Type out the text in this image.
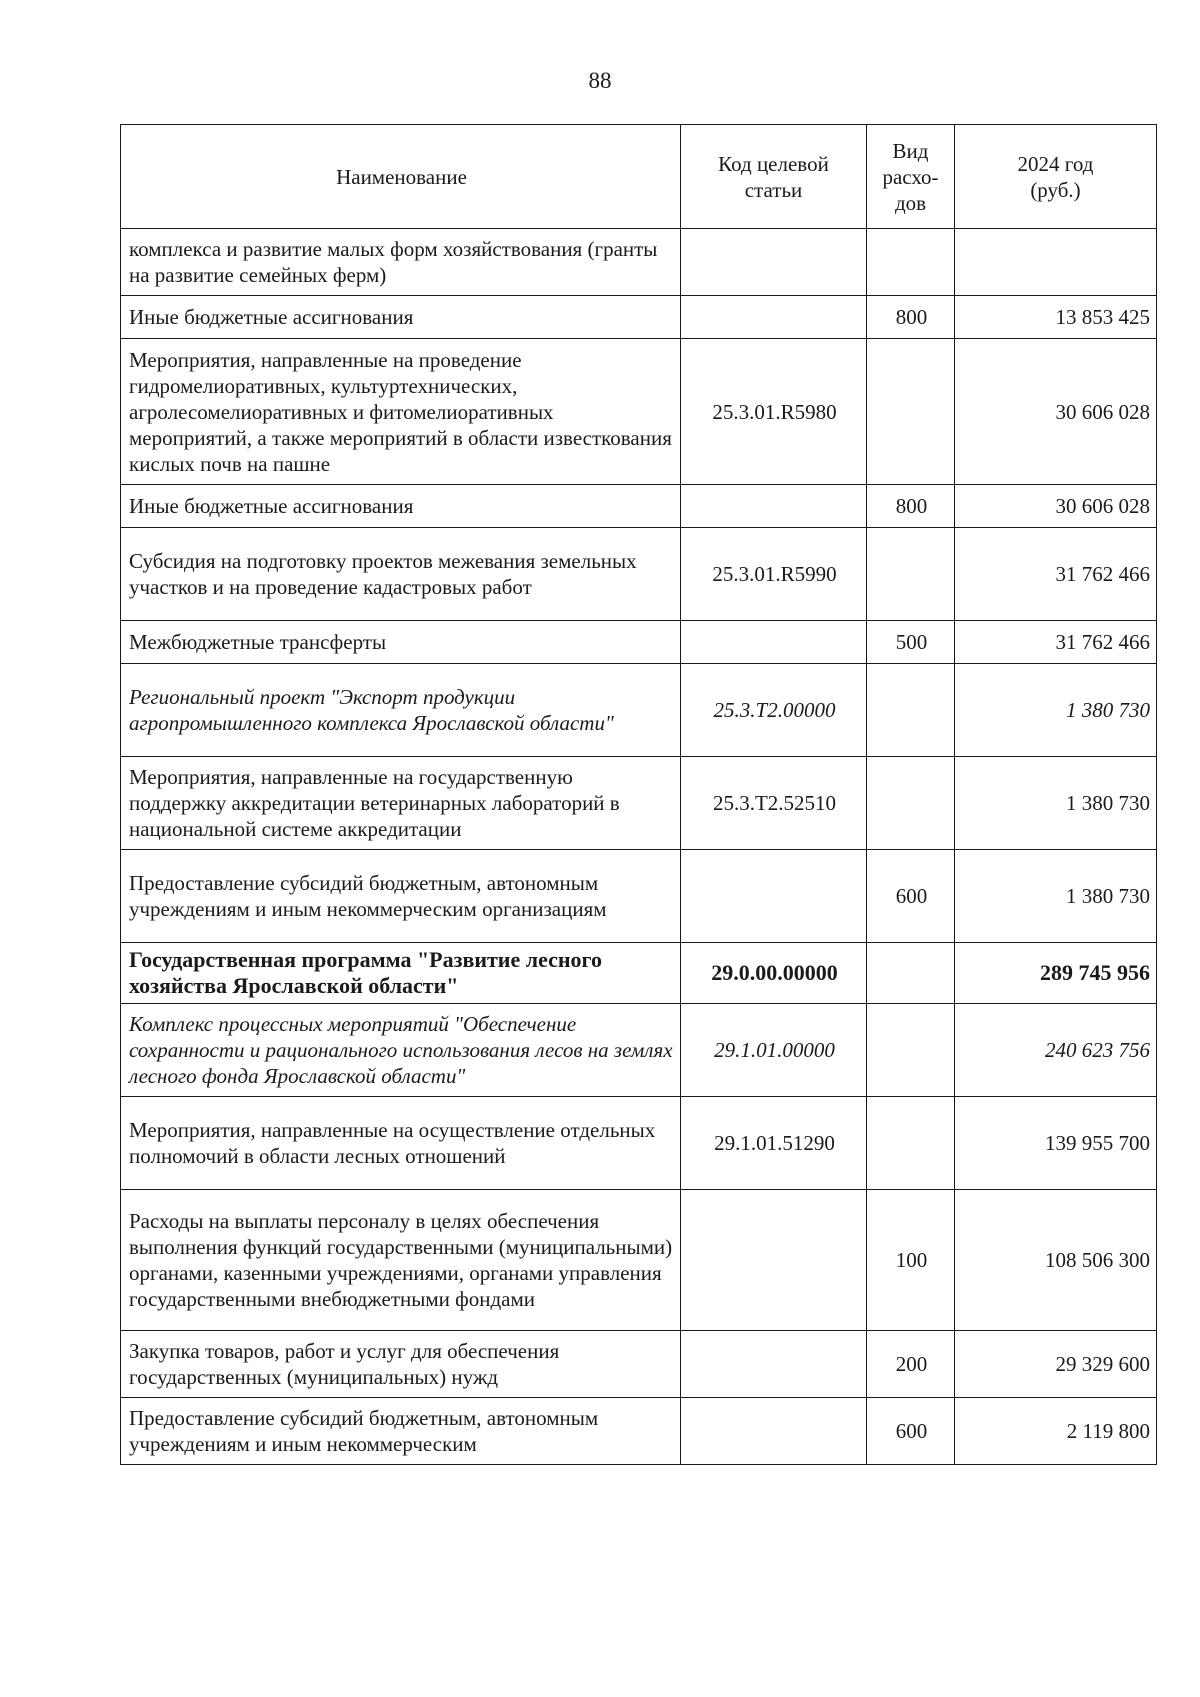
88
Наименование	Код целевой статьи	Вид расхо-дов	2024 год (руб.)
комплекса и развитие малых форм хозяйствования (гранты на развитие семейных ферм)			
Иные бюджетные ассигнования		800	13 853 425
Мероприятия, направленные на проведение гидромелиоративных, культуртехнических, агролесомелиоративных и фитомелиоративных мероприятий, а также мероприятий в области известкования кислых почв на пашне	25.3.01.R5980		30 606 028
Иные бюджетные ассигнования		800	30 606 028
Субсидия на подготовку проектов межевания земельных участков и на проведение кадастровых работ	25.3.01.R5990		31 762 466
Межбюджетные трансферты		500	31 762 466
Региональный проект "Экспорт продукции агропромышленного комплекса Ярославской области"	25.3.T2.00000		1 380 730
Мероприятия, направленные на государственную поддержку аккредитации ветеринарных лабораторий в национальной системе аккредитации	25.3.T2.52510		1 380 730
Предоставление субсидий бюджетным, автономным учреждениям и иным некоммерческим организациям		600	1 380 730
Государственная программа "Развитие лесного хозяйства Ярославской области"	29.0.00.00000		289 745 956
Комплекс процессных мероприятий "Обеспечение сохранности и рационального использования лесов на землях лесного фонда Ярославской области"	29.1.01.00000		240 623 756
Мероприятия, направленные на осуществление отдельных полномочий в области лесных отношений	29.1.01.51290		139 955 700
Расходы на выплаты персоналу в целях обеспечения выполнения функций государственными (муниципальными) органами, казенными учреждениями, органами управления государственными внебюджетными фондами		100	108 506 300
Закупка товаров, работ и услуг для обеспечения государственных (муниципальных) нужд		200	29 329 600
Предоставление субсидий бюджетным, автономным учреждениям и иным некоммерческим		600	2 119 800
